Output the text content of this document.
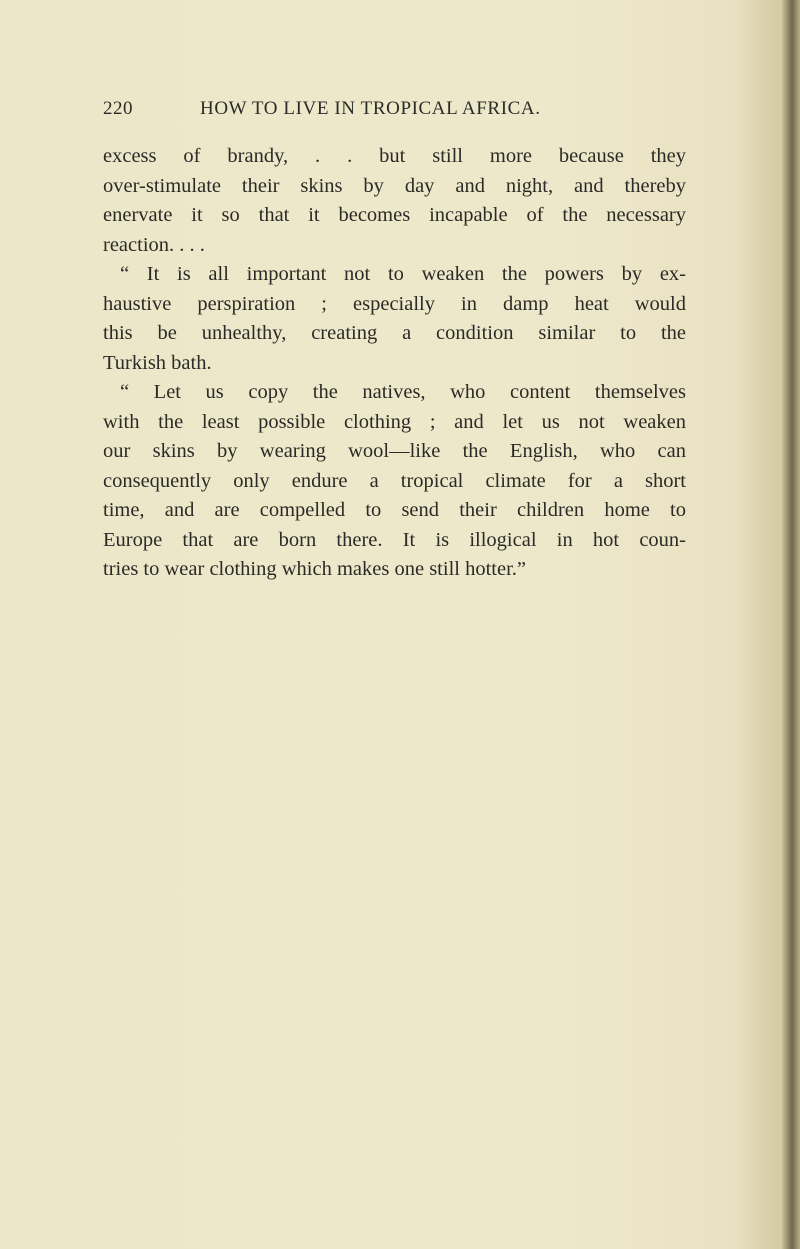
220	HOW TO LIVE IN TROPICAL AFRICA.
excess of brandy, . . but still more because they
over-stimulate their skins by day and night, and thereby
enervate it so that it becomes incapable of the necessary
reaction. . . .
“ It is all important not to weaken the powers by ex-
haustive perspiration ; especially in damp heat would
this be unhealthy, creating a condition similar to the
Turkish bath.
“ Let us copy the natives, who content themselves
with the least possible clothing ; and let us not weaken
our skins by wearing wool—like the English, who can
consequently only endure a tropical climate for a short
time, and are compelled to send their children home to
Europe that are born there. It is illogical in hot coun-
tries to wear clothing which makes one still hotter.”
